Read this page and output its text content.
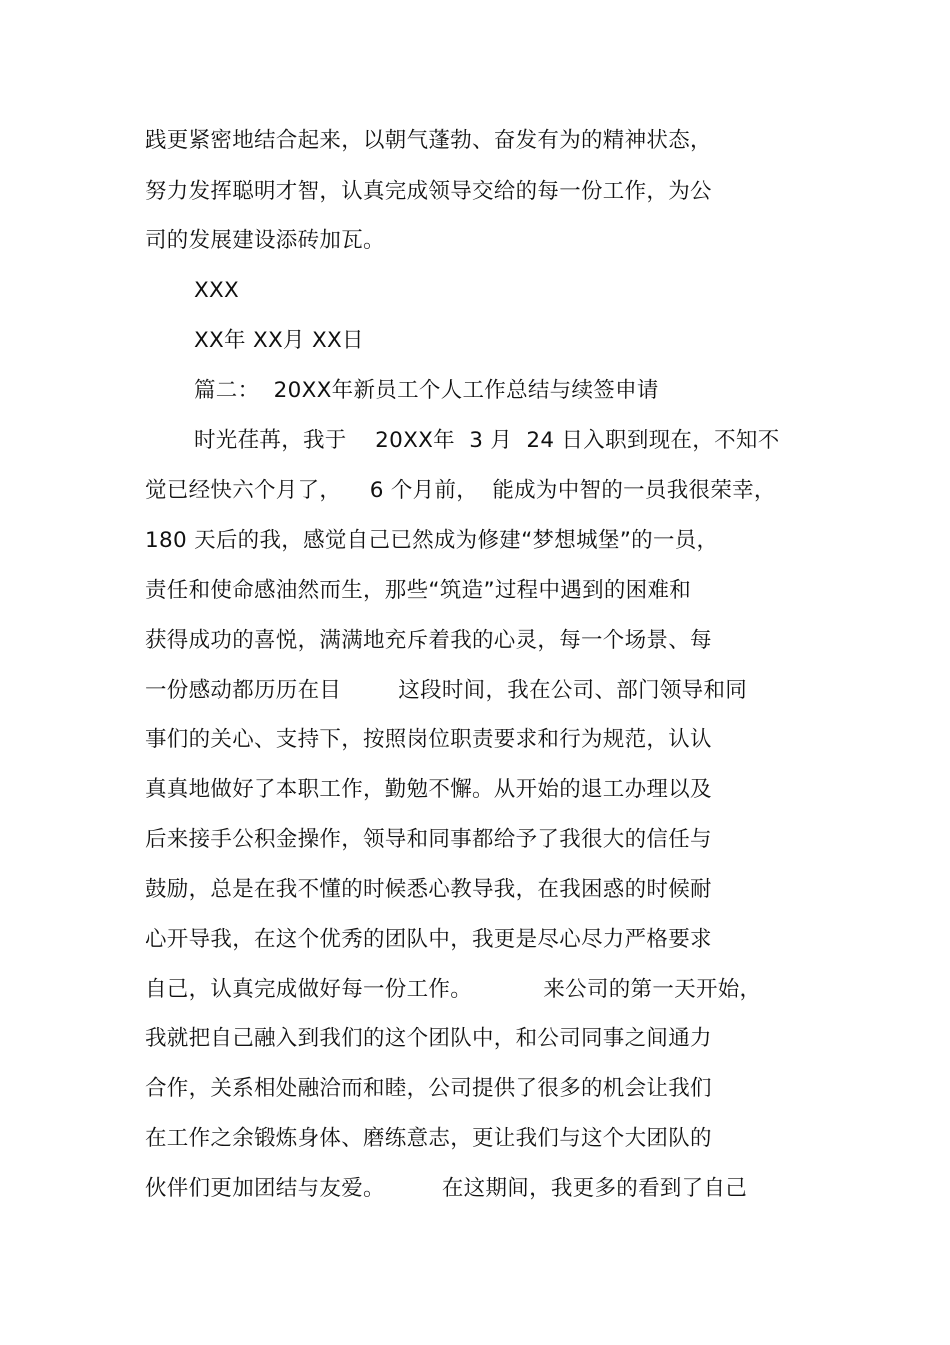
践更紧密地结合起来，以朝气蓬勃、奋发有为的精神状态，
努力发挥聪明才智，认真完成领导交给的每一份工作，为公
司的发展建设添砖加瓦。
XXX
XX年 XX月 XX日
篇二：  20XX年新员工个人工作总结与续签申请
时光荏苒，我于    20XX年  3 月  24 日入职到现在，不知不
觉已经快六个月了，    6 个月前，  能成为中智的一员我很荣幸，
180 天后的我，感觉自己已然成为修建“梦想城堡”的一员，
责任和使命感油然而生，那些“筑造”过程中遇到的困难和
获得成功的喜悦，满满地充斥着我的心灵，每一个场景、每
一份感动都历历在目        这段时间，我在公司、部门领导和同
事们的关心、支持下，按照岗位职责要求和行为规范，认认
真真地做好了本职工作，勤勉不懈。从开始的退工办理以及
后来接手公积金操作，领导和同事都给予了我很大的信任与
鼓励，总是在我不懂的时候悉心教导我，在我困惑的时候耐
心开导我，在这个优秀的团队中，我更是尽心尽力严格要求
自己，认真完成做好每一份工作。          来公司的第一天开始，
我就把自己融入到我们的这个团队中，和公司同事之间通力
合作，关系相处融洽而和睦，公司提供了很多的机会让我们
在工作之余锻炼身体、磨练意志，更让我们与这个大团队的
伙伴们更加团结与友爱。        在这期间，我更多的看到了自己
